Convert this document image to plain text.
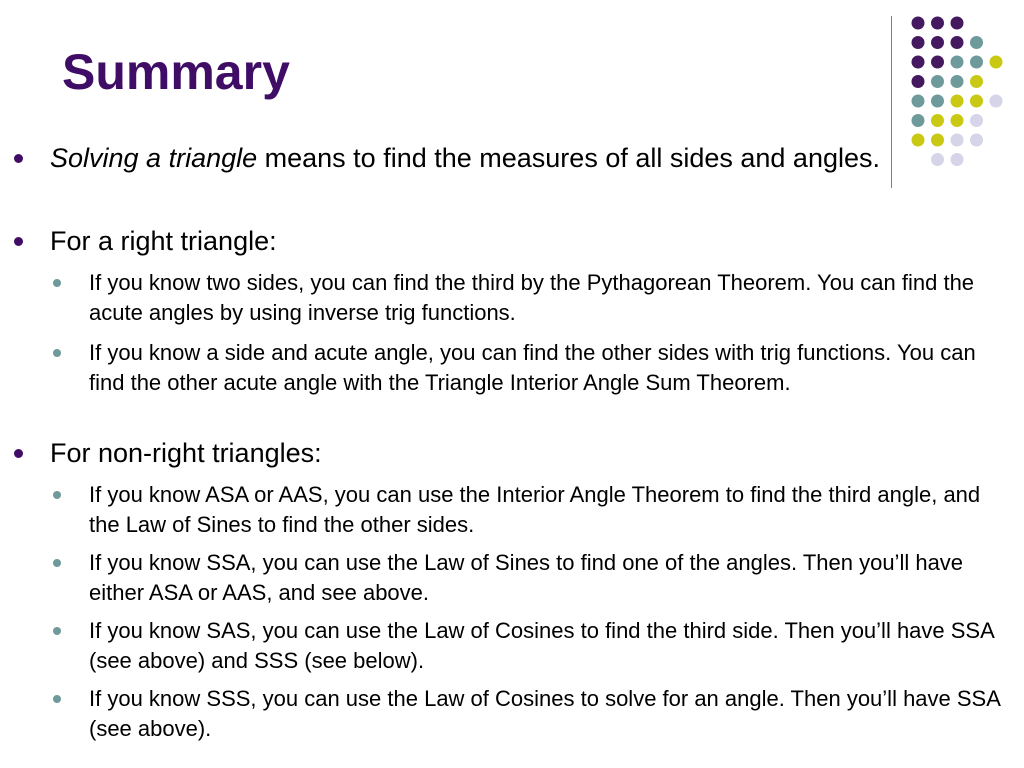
Summary
Solving a triangle means to find the measures of all sides and angles.
For a right triangle:
If you know two sides, you can find the third by the Pythagorean Theorem. You can find the acute angles by using inverse trig functions.
If you know a side and acute angle, you can find the other sides with trig functions. You can find the other acute angle with the Triangle Interior Angle Sum Theorem.
For non-right triangles:
If you know ASA or AAS, you can use the Interior Angle Theorem to find the third angle, and the Law of Sines to find the other sides.
If you know SSA, you can use the Law of Sines to find one of the angles. Then you’ll have either ASA or AAS, and see above.
If you know SAS, you can use the Law of Cosines to find the third side. Then you’ll have SSA (see above) and SSS (see below).
If you know SSS, you can use the Law of Cosines to solve for an angle. Then you’ll have SSA (see above).
